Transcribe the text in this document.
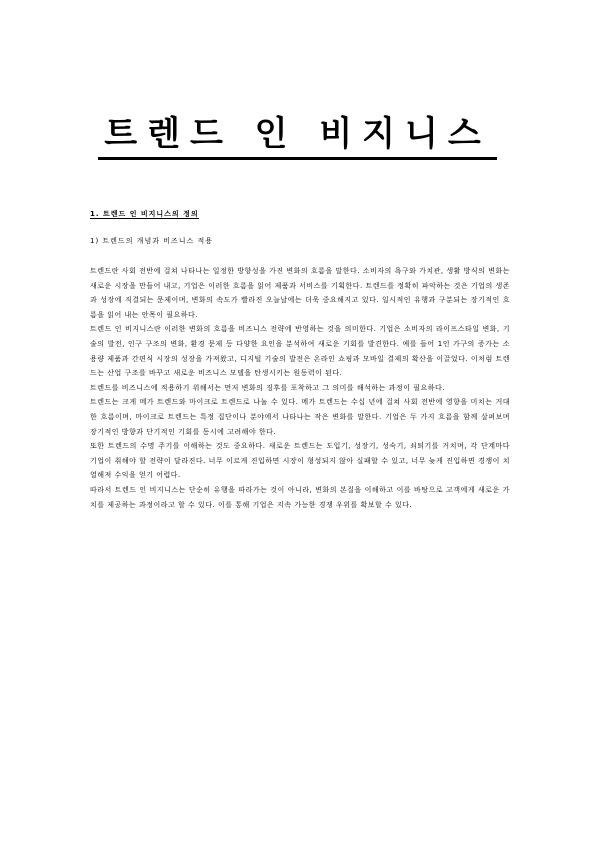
트렌드 인 비지니스
1. 트렌드 인 비지니스의 정의
1) 트렌드의 개념과 비즈니스 적용

트렌드란 사회 전반에 걸쳐 나타나는 일정한 방향성을 가진 변화의 흐름을 말한다. 소비자의 욕구와 가치관, 생활 방식의 변화는 새로운 시장을 만들어 내고, 기업은 이러한 흐름을 읽어 제품과 서비스를 기획한다. 트렌드를 정확히 파악하는 것은 기업의 생존과 성장에 직결되는 문제이며, 변화의 속도가 빨라진 오늘날에는 더욱 중요해지고 있다. 일시적인 유행과 구분되는 장기적인 흐름을 읽어 내는 안목이 필요하다.

트렌드 인 비지니스란 이러한 변화의 흐름을 비즈니스 전략에 반영하는 것을 의미한다. 기업은 소비자의 라이프스타일 변화, 기술의 발전, 인구 구조의 변화, 환경 문제 등 다양한 요인을 분석하여 새로운 기회를 발견한다. 예를 들어 1인 가구의 증가는 소용량 제품과 간편식 시장의 성장을 가져왔고, 디지털 기술의 발전은 온라인 쇼핑과 모바일 결제의 확산을 이끌었다. 이처럼 트렌드는 산업 구조를 바꾸고 새로운 비즈니스 모델을 탄생시키는 원동력이 된다.

트렌드를 비즈니스에 적용하기 위해서는 먼저 변화의 징후를 포착하고 그 의미를 해석하는 과정이 필요하다.

트렌드는 크게 메가 트렌드와 마이크로 트렌드로 나눌 수 있다. 메가 트렌드는 수십 년에 걸쳐 사회 전반에 영향을 미치는 거대한 흐름이며, 마이크로 트렌드는 특정 집단이나 분야에서 나타나는 작은 변화를 말한다. 기업은 두 가지 흐름을 함께 살펴보며 장기적인 방향과 단기적인 기회를 동시에 고려해야 한다.

또한 트렌드의 수명 주기를 이해하는 것도 중요하다. 새로운 트렌드는 도입기, 성장기, 성숙기, 쇠퇴기를 거치며, 각 단계마다 기업이 취해야 할 전략이 달라진다. 너무 이르게 진입하면 시장이 형성되지 않아 실패할 수 있고, 너무 늦게 진입하면 경쟁이 치열해져 수익을 얻기 어렵다.

따라서 트렌드 인 비지니스는 단순히 유행을 따라가는 것이 아니라, 변화의 본질을 이해하고 이를 바탕으로 고객에게 새로운 가치를 제공하는 과정이라고 할 수 있다. 이를 통해 기업은 지속 가능한 경쟁 우위를 확보할 수 있다.
